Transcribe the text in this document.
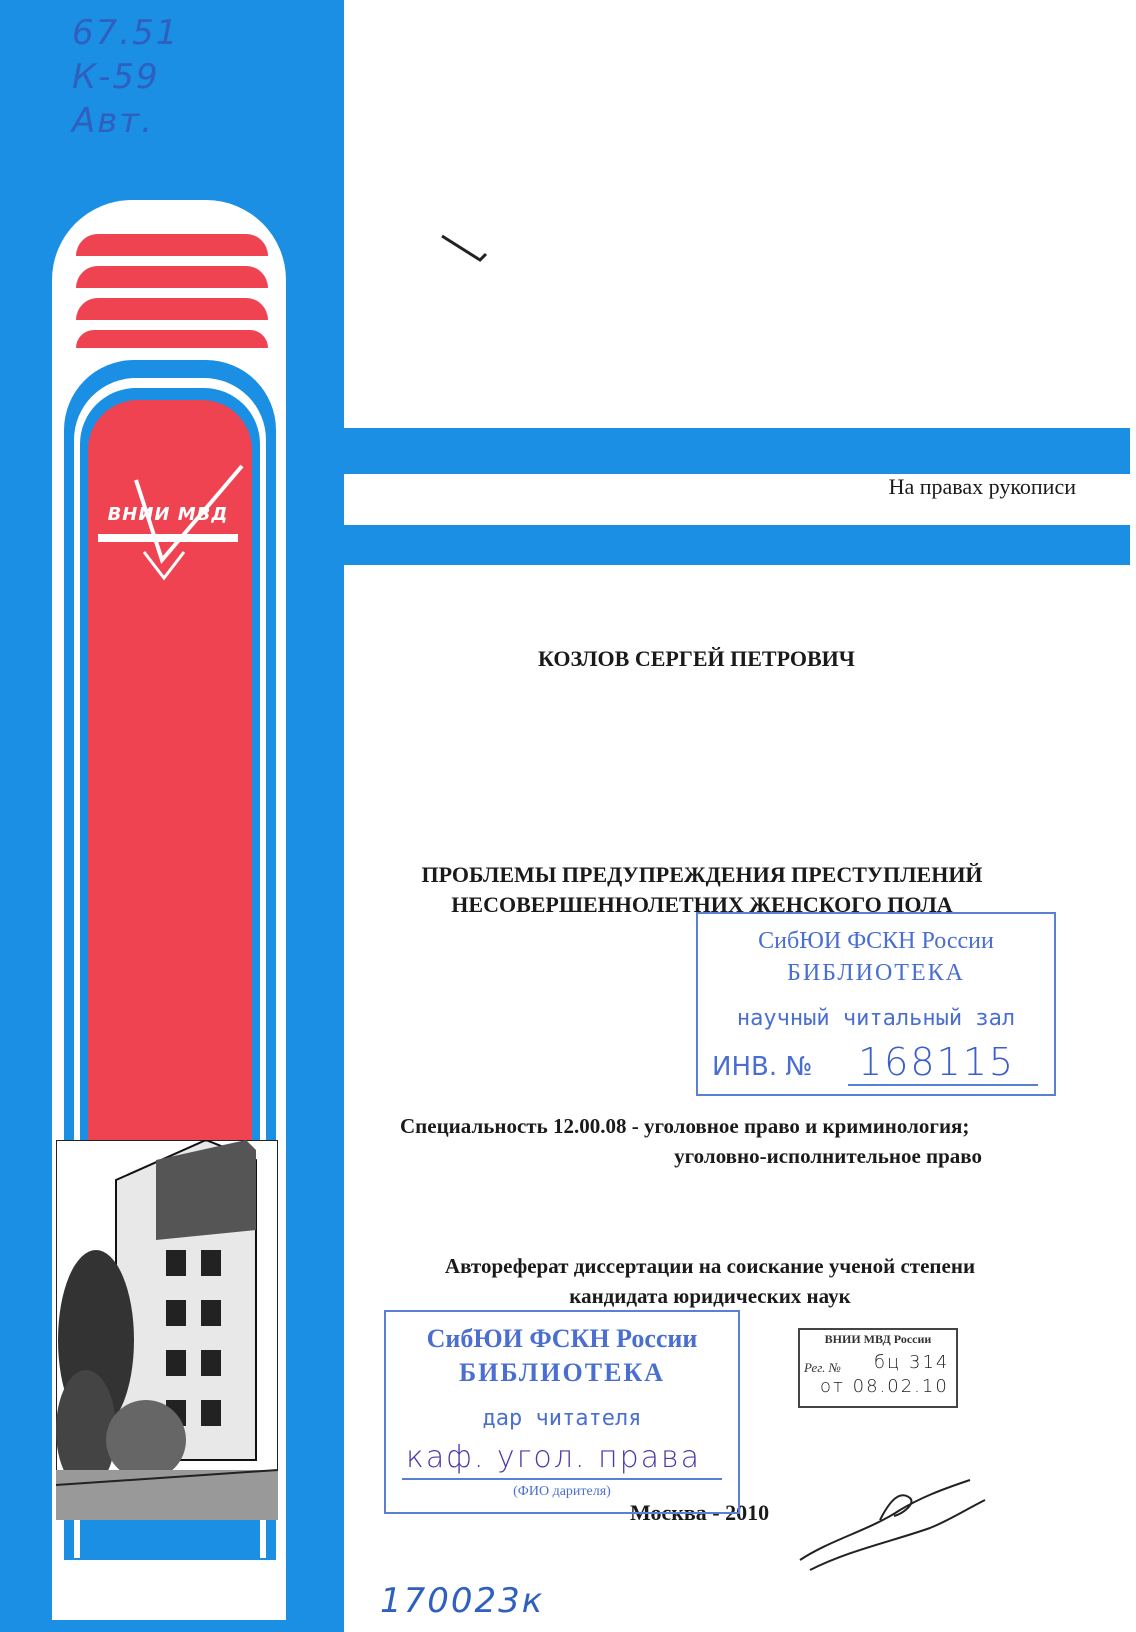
ВНИИ МВД
67.51
К-59
Авт.
170023к
На правах рукописи
КОЗЛОВ СЕРГЕЙ ПЕТРОВИЧ
ПРОБЛЕМЫ ПРЕДУПРЕЖДЕНИЯ ПРЕСТУПЛЕНИЙ
НЕСОВЕРШЕННОЛЕТНИХ ЖЕНСКОГО ПОЛА
Специальность 12.00.08 - уголовное право и криминология;
уголовно-исполнительное право
Автореферат диссертации на соискание ученой степени
кандидата юридических наук
Москва - 2010
СибЮИ ФСКН России
БИБЛИОТЕКА
научный читальный зал
ИНВ. № 168115
СибЮИ ФСКН России
БИБЛИОТЕКА
дар читателя
каф. угол. права
(ФИО дарителя)
ВНИИ МВД России
Рег. № бц 314
от 08.02.10
